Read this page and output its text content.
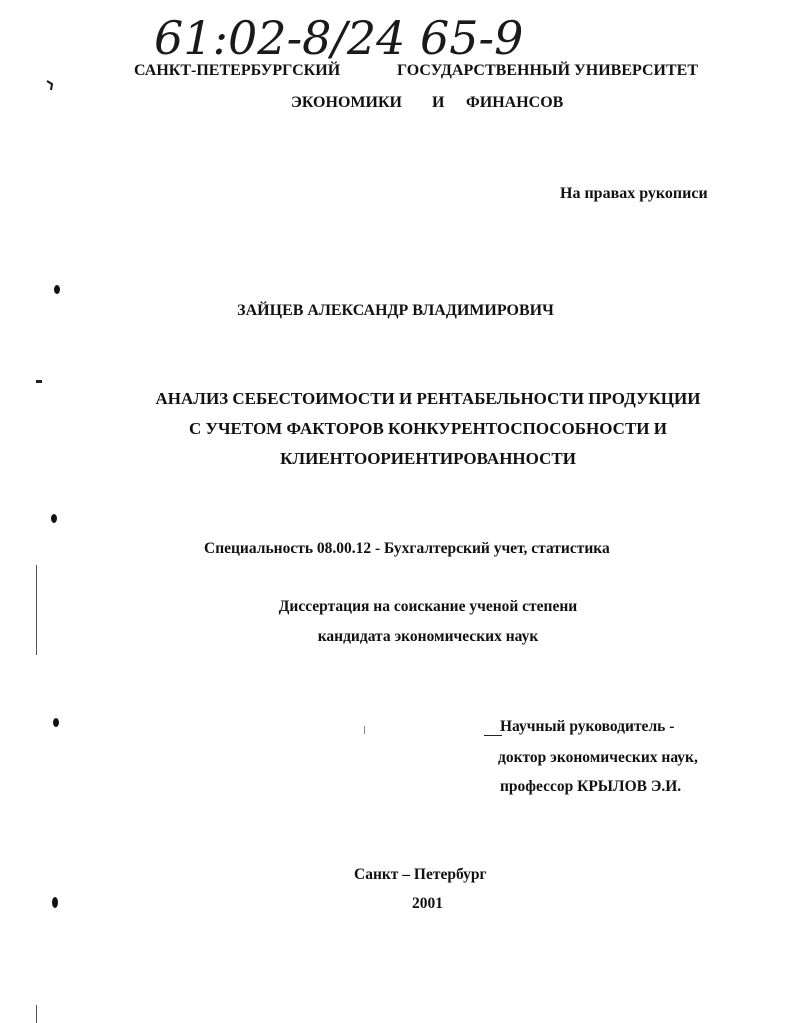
61:02-8/24 65-9
САНКТ-ПЕТЕРБУРГСКИЙ	ГОСУДАРСТВЕННЫЙ УНИВЕРСИТЕТ
ЭКОНОМИКИ И ФИНАНСОВ
На правах рукописи
ЗАЙЦЕВ АЛЕКСАНДР ВЛАДИМИРОВИЧ
АНАЛИЗ СЕБЕСТОИМОСТИ И РЕНТАБЕЛЬНОСТИ ПРОДУКЦИИ
С УЧЕТОМ ФАКТОРОВ КОНКУРЕНТОСПОСОБНОСТИ И
КЛИЕНТООРИЕНТИРОВАННОСТИ
Специальность 08.00.12 - Бухгалтерский учет, статистика
Диссертация на соискание ученой степени
кандидата экономических наук
Научный руководитель -
доктор экономических наук,
профессор КРЫЛОВ Э.И.
Санкт – Петербург
2001
